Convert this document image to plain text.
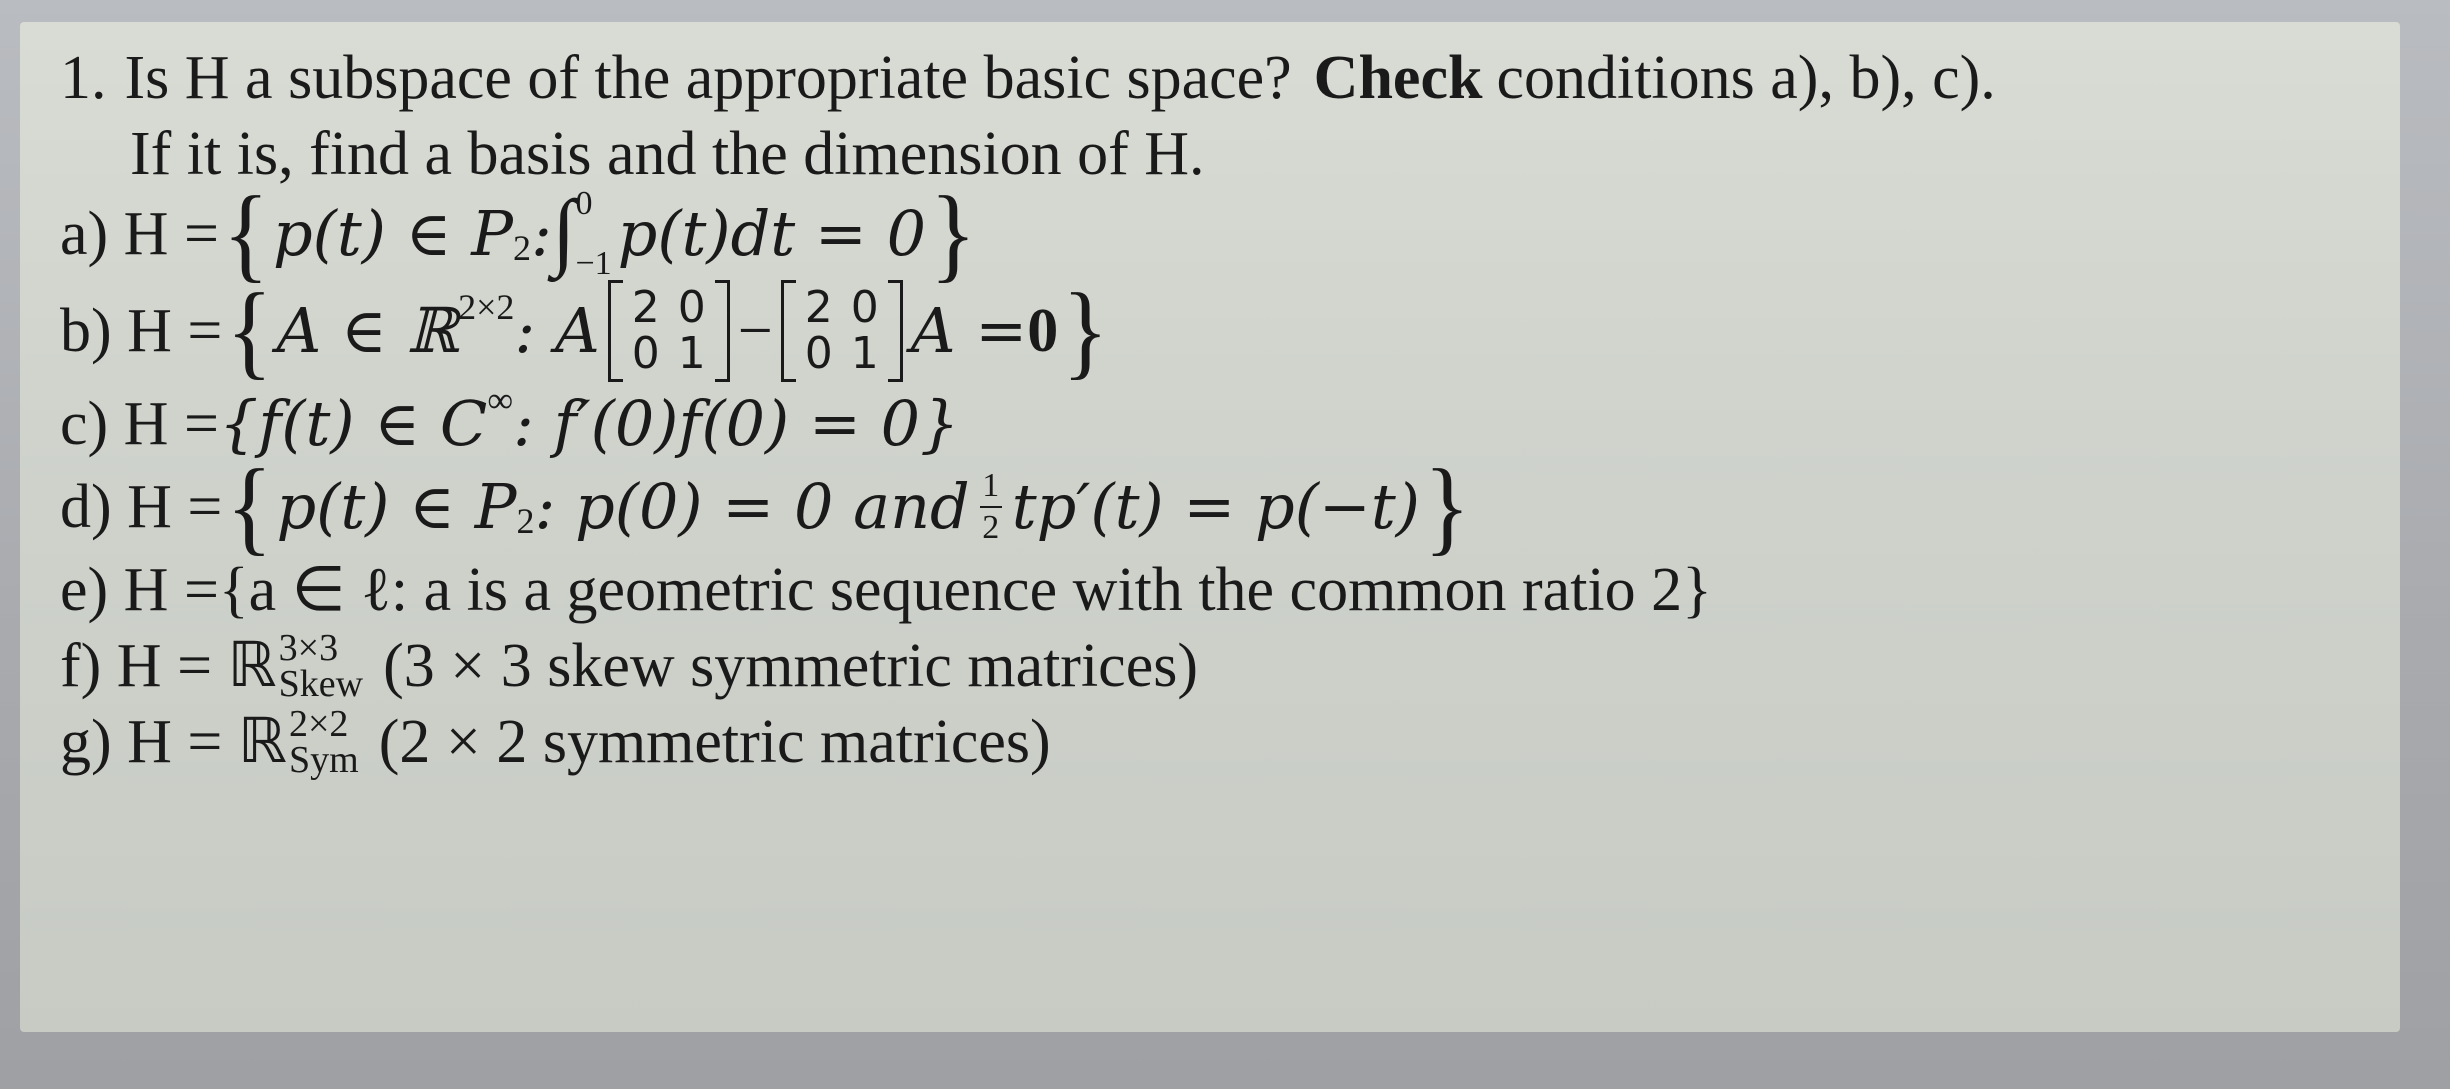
1. Is H a subspace of the appropriate basic space? Check conditions a), b), c).
If it is, find a basis and the dimension of H.
a) H = { p(t) ∈ P 2 : ∫ 0
−1 p(t)dt = 0 }
b) H = { A ∈ ℝ 2×2 : A 2 0
0 1 − 2 0
0 1 A = 0 }
c) H = {f(t) ∈ C ∞ : f′(0)f(0) = 0}
d) H = { p(t) ∈ P 2 : p(0) = 0 and $\frac{1}{2} tp'(t) = p(-t)$ }
e) H = {a ∈ ℓ: a is a geometric sequence with the common ratio 2}
f) H = ℝ 3×3
Skew (3 × 3 skew symmetric matrices)
g) H = ℝ 2×2
Sym (2 × 2 symmetric matrices)
